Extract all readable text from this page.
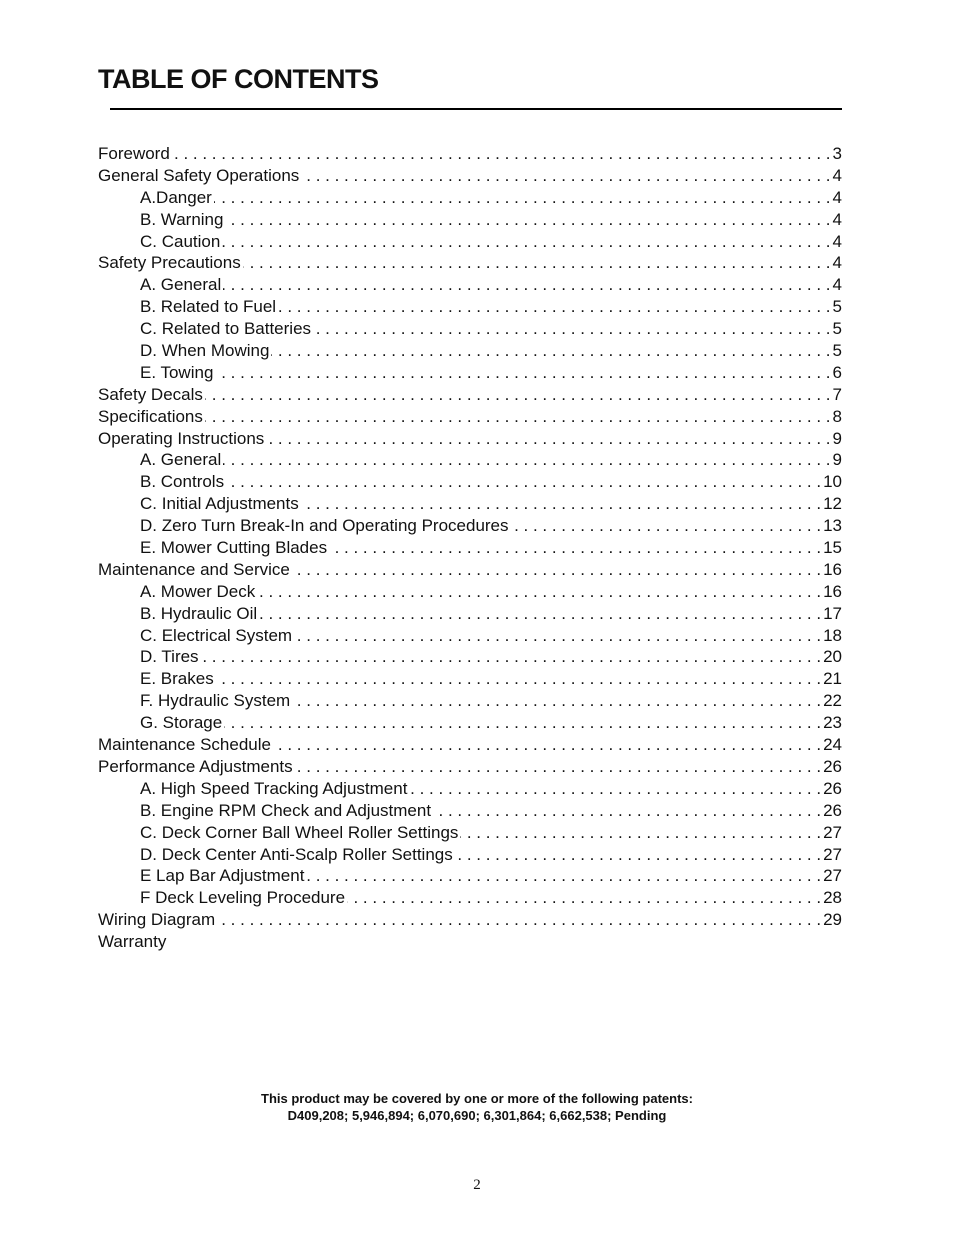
TABLE OF CONTENTS
Foreword . . .	3
General Safety Operations . . .	4
A.Danger . . .	4
B. Warning . . .	4
C. Caution . . .	4
Safety Precautions . . .	4
A. General . . .	4
B. Related to Fuel . . .	5
C. Related to Batteries . . .	5
D. When Mowing . . .	5
E. Towing . . .	6
Safety Decals . . .	7
Specifications . . .	8
Operating Instructions . . .	9
A. General . . .	9
B. Controls . . .	10
C. Initial Adjustments . . .	12
D. Zero Turn Break-In and Operating Procedures . . .	13
E. Mower Cutting Blades . . .	15
Maintenance and Service . . .	16
A. Mower Deck . . .	16
B. Hydraulic Oil . . .	17
C. Electrical System . . .	18
D. Tires . . .	20
E. Brakes . . .	21
F. Hydraulic System . . .	22
G. Storage . . .	23
Maintenance Schedule . . .	24
Performance Adjustments . . .	26
A. High Speed Tracking Adjustment . . .	26
B. Engine RPM Check and Adjustment . . .	26
C. Deck Corner Ball Wheel Roller Settings . . .	27
D. Deck Center Anti-Scalp Roller Settings . . .	27
E Lap Bar Adjustment . . .	27
F Deck Leveling Procedure . . .	28
Wiring Diagram . . .	29
Warranty
This product may be covered by one or more of the following patents:
D409,208; 5,946,894; 6,070,690; 6,301,864; 6,662,538; Pending
2
